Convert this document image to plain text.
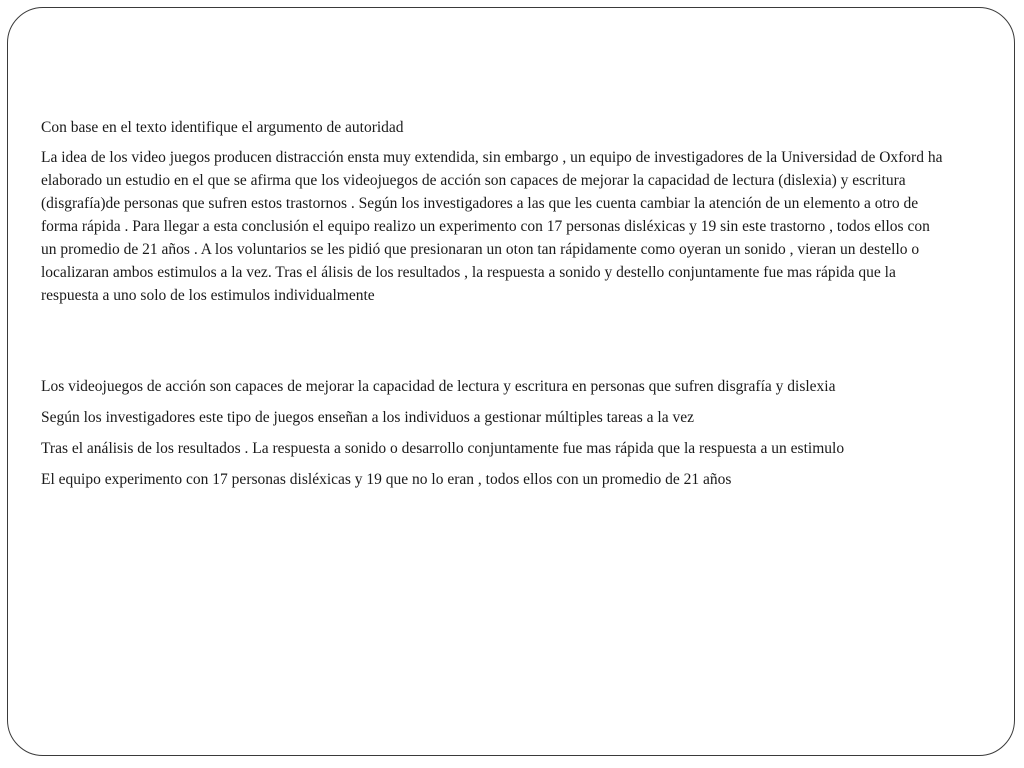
Con base en el texto identifique el argumento de autoridad

La idea de los video juegos producen distracción ensta muy extendida, sin embargo , un equipo de investigadores de la Universidad de Oxford ha elaborado un estudio en el que se afirma que los videojuegos de acción son capaces de mejorar la capacidad de lectura (dislexia) y escritura (disgrafía)de personas que sufren estos trastornos . Según los investigadores a las que les cuenta cambiar la atención de un elemento a otro de forma rápida . Para llegar a esta conclusión el equipo realizo un experimento con 17 personas disléxicas y 19 sin este trastorno , todos ellos con un promedio de 21 años . A los voluntarios se les pidió que presionaran un oton tan rápidamente como oyeran un sonido , vieran un destello o localizaran ambos estimulos a la vez. Tras el álisis de los resultados , la respuesta a sonido y destello conjuntamente fue mas rápida que la respuesta a uno solo de los estimulos individualmente

Los videojuegos de acción son capaces de mejorar la capacidad de lectura y escritura en personas que sufren disgrafía y dislexia

Según los investigadores este tipo de juegos enseñan a los individuos a gestionar múltiples tareas a la vez

Tras el análisis de los resultados . La respuesta a sonido o desarrollo conjuntamente fue mas rápida que la respuesta a un estimulo

El equipo experimento con 17 personas disléxicas y 19 que no lo eran , todos ellos con un promedio de 21 años
